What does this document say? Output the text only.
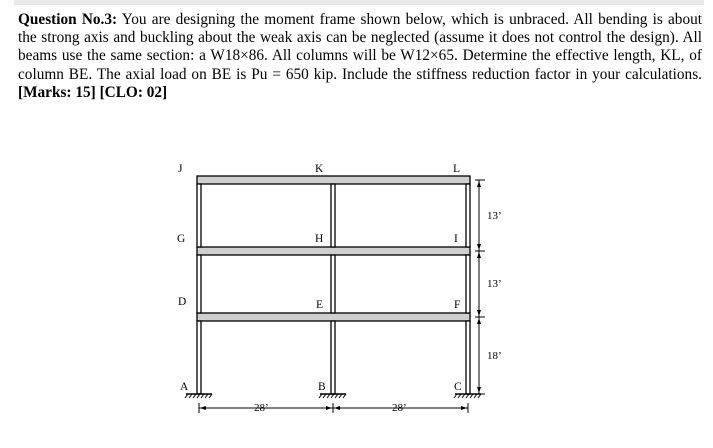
Question No.3: You are designing the moment frame shown below, which is unbraced. All bending is about the strong axis and buckling about the weak axis can be neglected (assume it does not control the design). All beams use the same section: a W18×86. All columns will be W12×65. Determine the effective length, KL, of column BE. The axial load on BE is Pu = 650 kip. Include the stiffness reduction factor in your calculations. [Marks: 15] [CLO: 02]
J	K	L
G	H	I
D	E	F
A	B	C
13’
13’
18’
28’	28’
